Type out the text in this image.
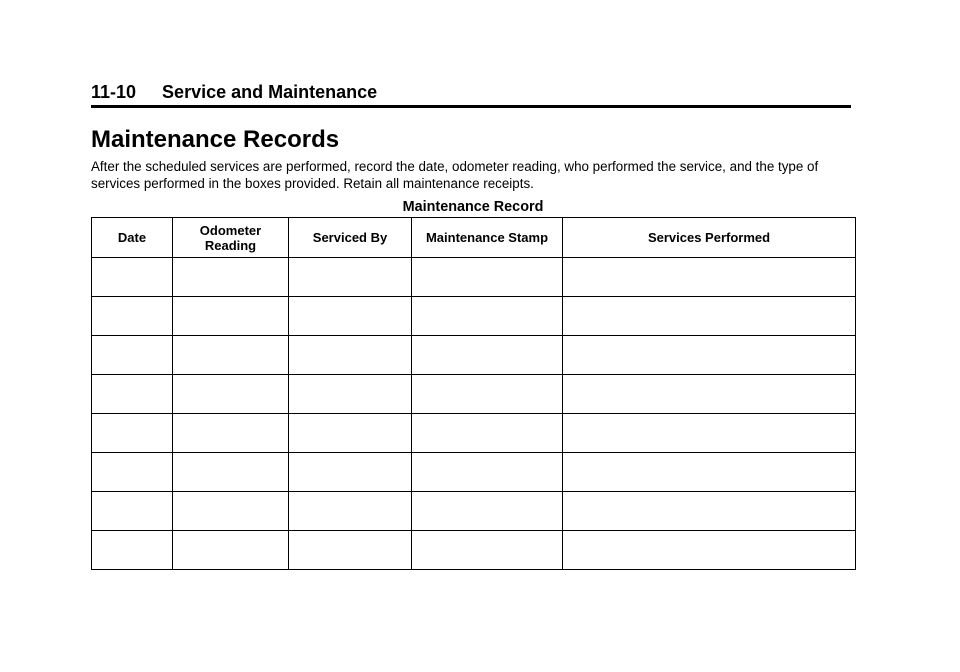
11-10 Service and Maintenance
Maintenance Records

After the scheduled services are performed, record the date, odometer reading, who performed the service, and the type of services performed in the boxes provided. Retain all maintenance receipts.

Maintenance Record
Date	Odometer Reading	Serviced By	Maintenance Stamp	Services Performed
